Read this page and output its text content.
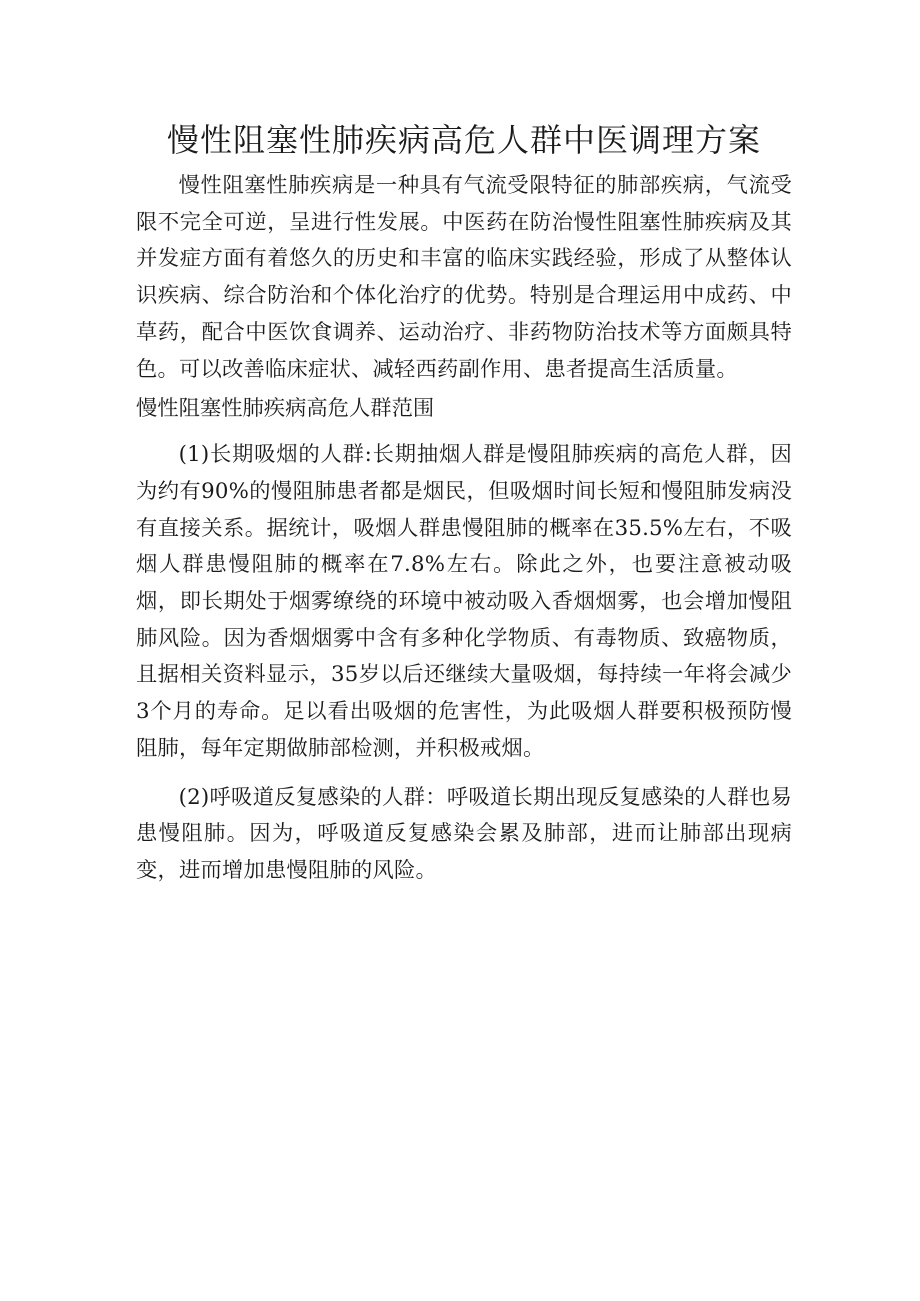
慢性阻塞性肺疾病高危人群中医调理方案

慢性阻塞性肺疾病是一种具有气流受限特征的肺部疾病，气流受限不完全可逆，呈进行性发展。中医药在防治慢性阻塞性肺疾病及其并发症方面有着悠久的历史和丰富的临床实践经验，形成了从整体认识疾病、综合防治和个体化治疗的优势。特别是合理运用中成药、中草药，配合中医饮食调养、运动治疗、非药物防治技术等方面颇具特色。可以改善临床症状、减轻西药副作用、患者提高生活质量。

慢性阻塞性肺疾病高危人群范围

(1)长期吸烟的人群:长期抽烟人群是慢阻肺疾病的高危人群，因为约有90%的慢阻肺患者都是烟民，但吸烟时间长短和慢阻肺发病没有直接关系。据统计，吸烟人群患慢阻肺的概率在35.5%左右，不吸烟人群患慢阻肺的概率在7.8%左右。除此之外，也要注意被动吸烟，即长期处于烟雾缭绕的环境中被动吸入香烟烟雾，也会增加慢阻肺风险。因为香烟烟雾中含有多种化学物质、有毒物质、致癌物质，且据相关资料显示，35岁以后还继续大量吸烟，每持续一年将会减少3个月的寿命。足以看出吸烟的危害性，为此吸烟人群要积极预防慢阻肺，每年定期做肺部检测，并积极戒烟。

(2)呼吸道反复感染的人群：呼吸道长期出现反复感染的人群也易患慢阻肺。因为，呼吸道反复感染会累及肺部，进而让肺部出现病变，进而增加患慢阻肺的风险。
